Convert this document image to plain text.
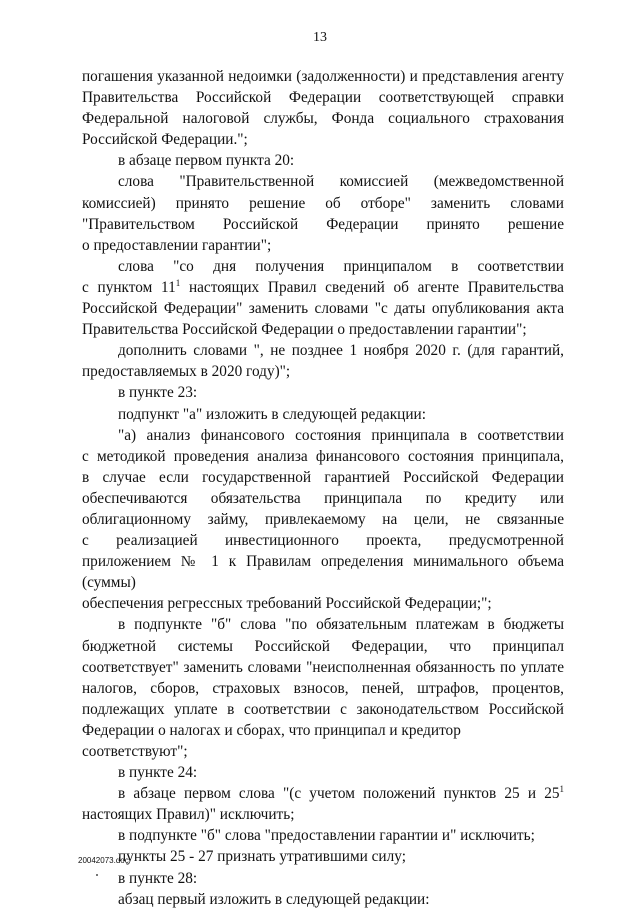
13

погашения указанной недоимки (задолженности) и представления агенту

Правительства Российской Федерации соответствующей справки

Федеральной налоговой службы, Фонда социального страхования

Российской Федерации.";

в абзаце первом пункта 20:

слова "Правительственной комиссией (межведомственной

комиссией) принято решение об отборе" заменить словами

"Правительством Российской Федерации принято решение

о предоставлении гарантии";

слова "со дня получения принципалом в соответствии

с пунктом $11^1$ настоящих Правил сведений об агенте Правительства

Российской Федерации" заменить словами "с даты опубликования акта

Правительства Российской Федерации о предоставлении гарантии";

дополнить словами ", не позднее 1 ноября 2020 г. (для гарантий,

предоставляемых в 2020 году)";

в пункте 23:

подпункт "а" изложить в следующей редакции:

"а) анализ финансового состояния принципала в соответствии

с методикой проведения анализа финансового состояния принципала,

в случае если государственной гарантией Российской Федерации

обеспечиваются обязательства принципала по кредиту или

облигационному займу, привлекаемому на цели, не связанные

с реализацией инвестиционного проекта, предусмотренной

приложением № 1 к Правилам определения минимального объема (суммы)

обеспечения регрессных требований Российской Федерации;";

в подпункте "б" слова "по обязательным платежам в бюджеты

бюджетной системы Российской Федерации, что принципал

соответствует" заменить словами "неисполненная обязанность по уплате

налогов, сборов, страховых взносов, пеней, штрафов, процентов,

подлежащих уплате в соответствии с законодательством Российской

Федерации о налогах и сборах, что принципал и кредитор соответствуют";

в пункте 24:

в абзаце первом слова "(с учетом положений пунктов 25 и $25^1$

настоящих Правил)" исключить;

в подпункте "б" слова "предоставлении гарантии и" исключить;

пункты 25 - 27 признать утратившими силу;

в пункте 28:

абзац первый изложить в следующей редакции:

20042073.doc
